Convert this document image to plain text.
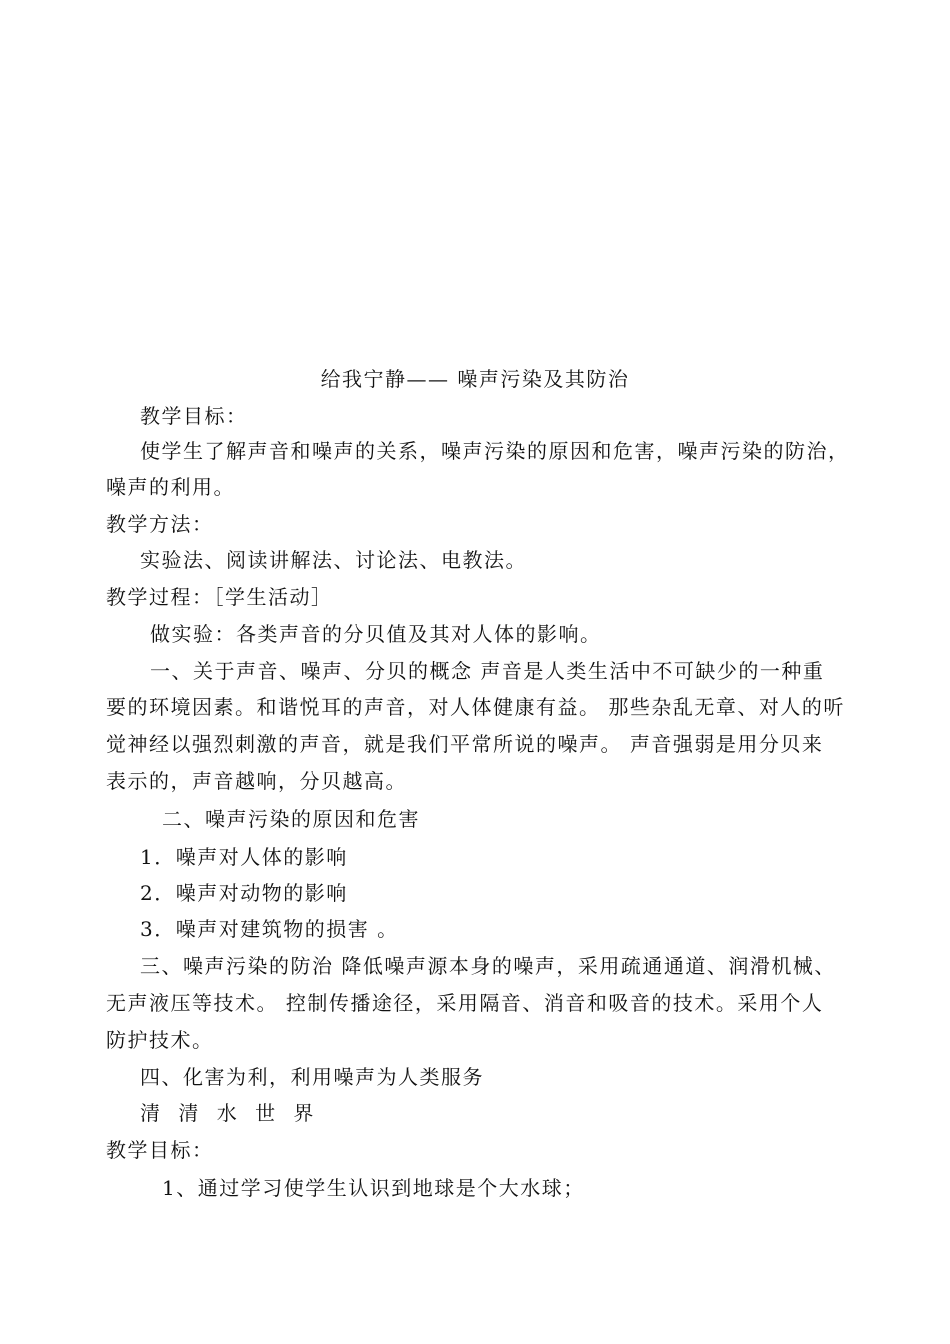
给我宁静—— 噪声污染及其防治
教学目标：
使学生了解声音和噪声的关系，噪声污染的原因和危害，噪声污染的防治，
噪声的利用。
教学方法：
实验法、阅读讲解法、讨论法、电教法。
教学过程：［学生活动］
做实验：各类声音的分贝值及其对人体的影响。
一、关于声音、噪声、分贝的概念 声音是人类生活中不可缺少的一种重
要的环境因素。和谐悦耳的声音，对人体健康有益。 那些杂乱无章、对人的听
觉神经以强烈刺激的声音，就是我们平常所说的噪声。 声音强弱是用分贝来
表示的，声音越响，分贝越高。
二、噪声污染的原因和危害
1．噪声对人体的影响
2．噪声对动物的影响
3．噪声对建筑物的损害 。
三、噪声污染的防治 降低噪声源本身的噪声，采用疏通通道、润滑机械、
无声液压等技术。 控制传播途径，采用隔音、消音和吸音的技术。采用个人
防护技术。
四、化害为利，利用噪声为人类服务
清 清 水 世 界
教学目标：
1、通过学习使学生认识到地球是个大水球；
